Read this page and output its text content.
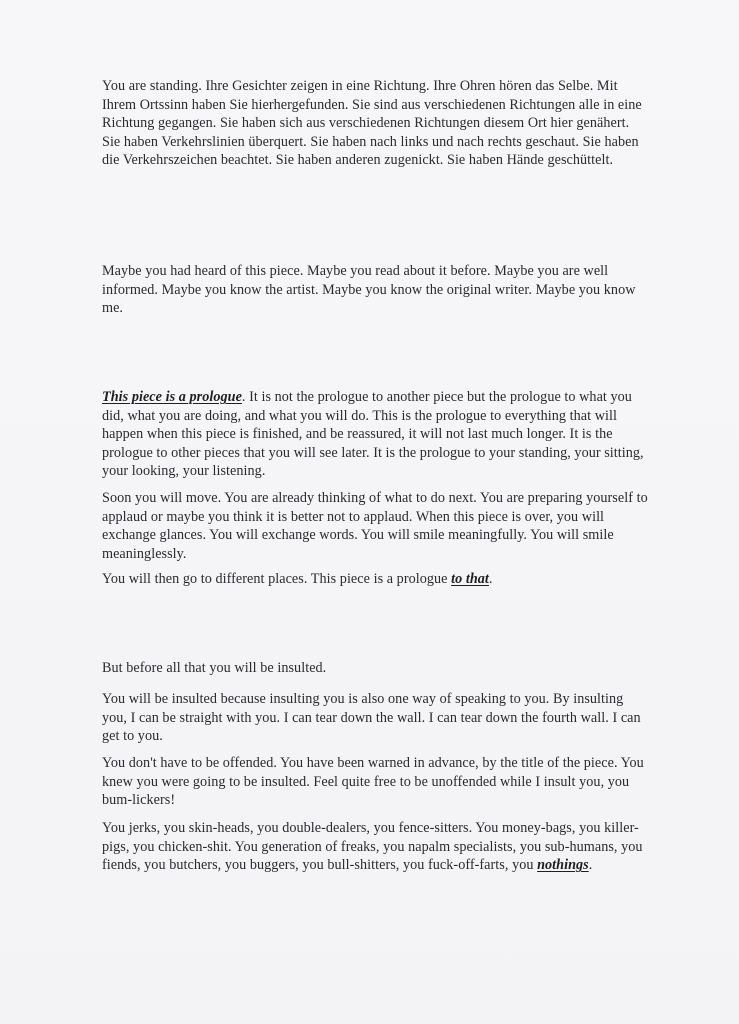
You are standing. Ihre Gesichter zeigen in eine Richtung. Ihre Ohren hören das Selbe. Mit Ihrem Ortssinn haben Sie hierhergefunden. Sie sind aus verschiedenen Richtungen alle in eine Richtung gegangen. Sie haben sich aus verschiedenen Richtungen diesem Ort hier genähert. Sie haben Verkehrslinien überquert. Sie haben nach links und nach rechts geschaut. Sie haben die Verkehrszeichen beachtet. Sie haben anderen zugenickt. Sie haben Hände geschüttelt.

Maybe you had heard of this piece. Maybe you read about it before. Maybe you are well informed. Maybe you know the artist. Maybe you know the original writer. Maybe you know me.

This piece is a prologue. It is not the prologue to another piece but the prologue to what you did, what you are doing, and what you will do. This is the prologue to everything that will happen when this piece is finished, and be reassured, it will not last much longer. It is the prologue to other pieces that you will see later. It is the prologue to your standing, your sitting, your looking, your listening.

Soon you will move. You are already thinking of what to do next. You are preparing yourself to applaud or maybe you think it is better not to applaud. When this piece is over, you will exchange glances. You will exchange words. You will smile meaningfully. You will smile meaninglessly.

You will then go to different places. This piece is a prologue to that.

But before all that you will be insulted.

You will be insulted because insulting you is also one way of speaking to you. By insulting you, I can be straight with you. I can tear down the wall. I can tear down the fourth wall. I can get to you.

You don't have to be offended. You have been warned in advance, by the title of the piece. You knew you were going to be insulted. Feel quite free to be unoffended while I insult you, you bum-lickers!

You jerks, you skin-heads, you double-dealers, you fence-sitters. You money-bags, you killer-pigs, you chicken-shit. You generation of freaks, you napalm specialists, you sub-humans, you fiends, you butchers, you buggers, you bull-shitters, you fuck-off-farts, you nothings.
